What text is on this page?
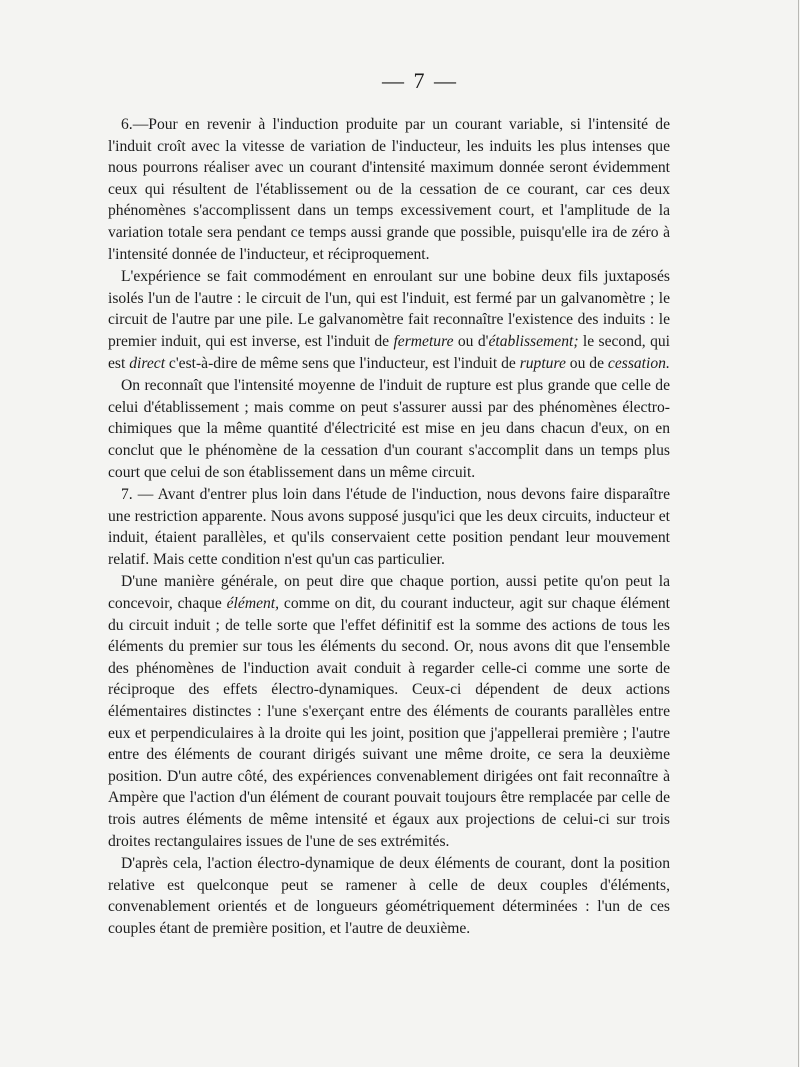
— 7 —

6.—Pour en revenir à l'induction produite par un courant variable, si l'intensité de l'induit croît avec la vitesse de variation de l'inducteur, les induits les plus intenses que nous pourrons réaliser avec un courant d'intensité maximum donnée seront évidemment ceux qui résultent de l'établissement ou de la cessation de ce courant, car ces deux phénomènes s'accomplissent dans un temps excessivement court, et l'amplitude de la variation totale sera pendant ce temps aussi grande que possible, puisqu'elle ira de zéro à l'intensité donnée de l'inducteur, et réciproquement.

L'expérience se fait commodément en enroulant sur une bobine deux fils juxtaposés isolés l'un de l'autre : le circuit de l'un, qui est l'induit, est fermé par un galvanomètre ; le circuit de l'autre par une pile. Le galvanomètre fait reconnaître l'existence des induits : le premier induit, qui est inverse, est l'induit de fermeture ou d'établissement; le second, qui est direct c'est-à-dire de même sens que l'inducteur, est l'induit de rupture ou de cessation.

On reconnaît que l'intensité moyenne de l'induit de rupture est plus grande que celle de celui d'établissement ; mais comme on peut s'assurer aussi par des phénomènes électro-chimiques que la même quantité d'électricité est mise en jeu dans chacun d'eux, on en conclut que le phénomène de la cessation d'un courant s'accomplit dans un temps plus court que celui de son établissement dans un même circuit.

7. — Avant d'entrer plus loin dans l'étude de l'induction, nous devons faire disparaître une restriction apparente. Nous avons supposé jusqu'ici que les deux circuits, inducteur et induit, étaient parallèles, et qu'ils conservaient cette position pendant leur mouvement relatif. Mais cette condition n'est qu'un cas particulier.

D'une manière générale, on peut dire que chaque portion, aussi petite qu'on peut la concevoir, chaque élément, comme on dit, du courant inducteur, agit sur chaque élément du circuit induit ; de telle sorte que l'effet définitif est la somme des actions de tous les éléments du premier sur tous les éléments du second. Or, nous avons dit que l'ensemble des phénomènes de l'induction avait conduit à regarder celle-ci comme une sorte de réciproque des effets électro-dynamiques. Ceux-ci dépendent de deux actions élémentaires distinctes : l'une s'exerçant entre des éléments de courants parallèles entre eux et perpendiculaires à la droite qui les joint, position que j'appellerai première ; l'autre entre des éléments de courant dirigés suivant une même droite, ce sera la deuxième position. D'un autre côté, des expériences convenablement dirigées ont fait reconnaître à Ampère que l'action d'un élément de courant pouvait toujours être remplacée par celle de trois autres éléments de même intensité et égaux aux projections de celui-ci sur trois droites rectangulaires issues de l'une de ses extrémités.

D'après cela, l'action électro-dynamique de deux éléments de courant, dont la position relative est quelconque peut se ramener à celle de deux couples d'éléments, convenablement orientés et de longueurs géométriquement déterminées : l'un de ces couples étant de première position, et l'autre de deuxième.
